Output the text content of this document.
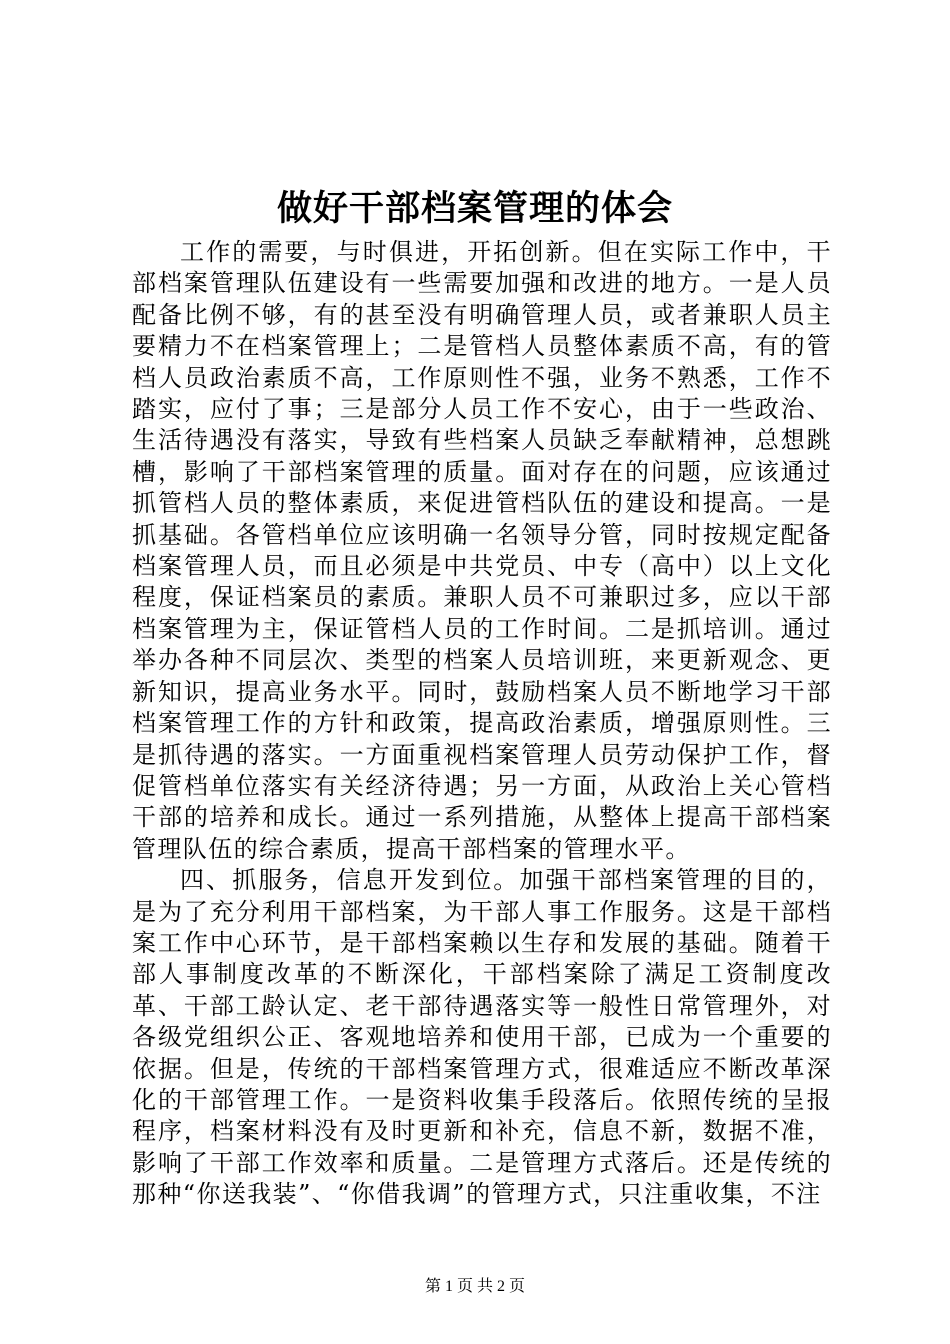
做好干部档案管理的体会

工作的需要，与时俱进，开拓创新。但在实际工作中，干部档案管理队伍建设有一些需要加强和改进的地方。一是人员配备比例不够，有的甚至没有明确管理人员，或者兼职人员主要精力不在档案管理上；二是管档人员整体素质不高，有的管档人员政治素质不高，工作原则性不强，业务不熟悉，工作不踏实，应付了事；三是部分人员工作不安心，由于一些政治、生活待遇没有落实，导致有些档案人员缺乏奉献精神，总想跳槽，影响了干部档案管理的质量。面对存在的问题，应该通过抓管档人员的整体素质，来促进管档队伍的建设和提高。一是抓基础。各管档单位应该明确一名领导分管，同时按规定配备档案管理人员，而且必须是中共党员、中专（高中）以上文化程度，保证档案员的素质。兼职人员不可兼职过多，应以干部档案管理为主，保证管档人员的工作时间。二是抓培训。通过举办各种不同层次、类型的档案人员培训班，来更新观念、更新知识，提高业务水平。同时，鼓励档案人员不断地学习干部档案管理工作的方针和政策，提高政治素质，增强原则性。三是抓待遇的落实。一方面重视档案管理人员劳动保护工作，督促管档单位落实有关经济待遇；另一方面，从政治上关心管档干部的培养和成长。通过一系列措施，从整体上提高干部档案管理队伍的综合素质，提高干部档案的管理水平。

四、抓服务，信息开发到位。加强干部档案管理的目的，是为了充分利用干部档案，为干部人事工作服务。这是干部档案工作中心环节，是干部档案赖以生存和发展的基础。随着干部人事制度改革的不断深化，干部档案除了满足工资制度改革、干部工龄认定、老干部待遇落实等一般性日常管理外，对各级党组织公正、客观地培养和使用干部，已成为一个重要的依据。但是，传统的干部档案管理方式，很难适应不断改革深化的干部管理工作。一是资料收集手段落后。依照传统的呈报程序，档案材料没有及时更新和补充，信息不新，数据不准，影响了干部工作效率和质量。二是管理方式落后。还是传统的那种“你送我装”、“你借我调”的管理方式，只注重收集，不注

第 1 页 共 2 页
